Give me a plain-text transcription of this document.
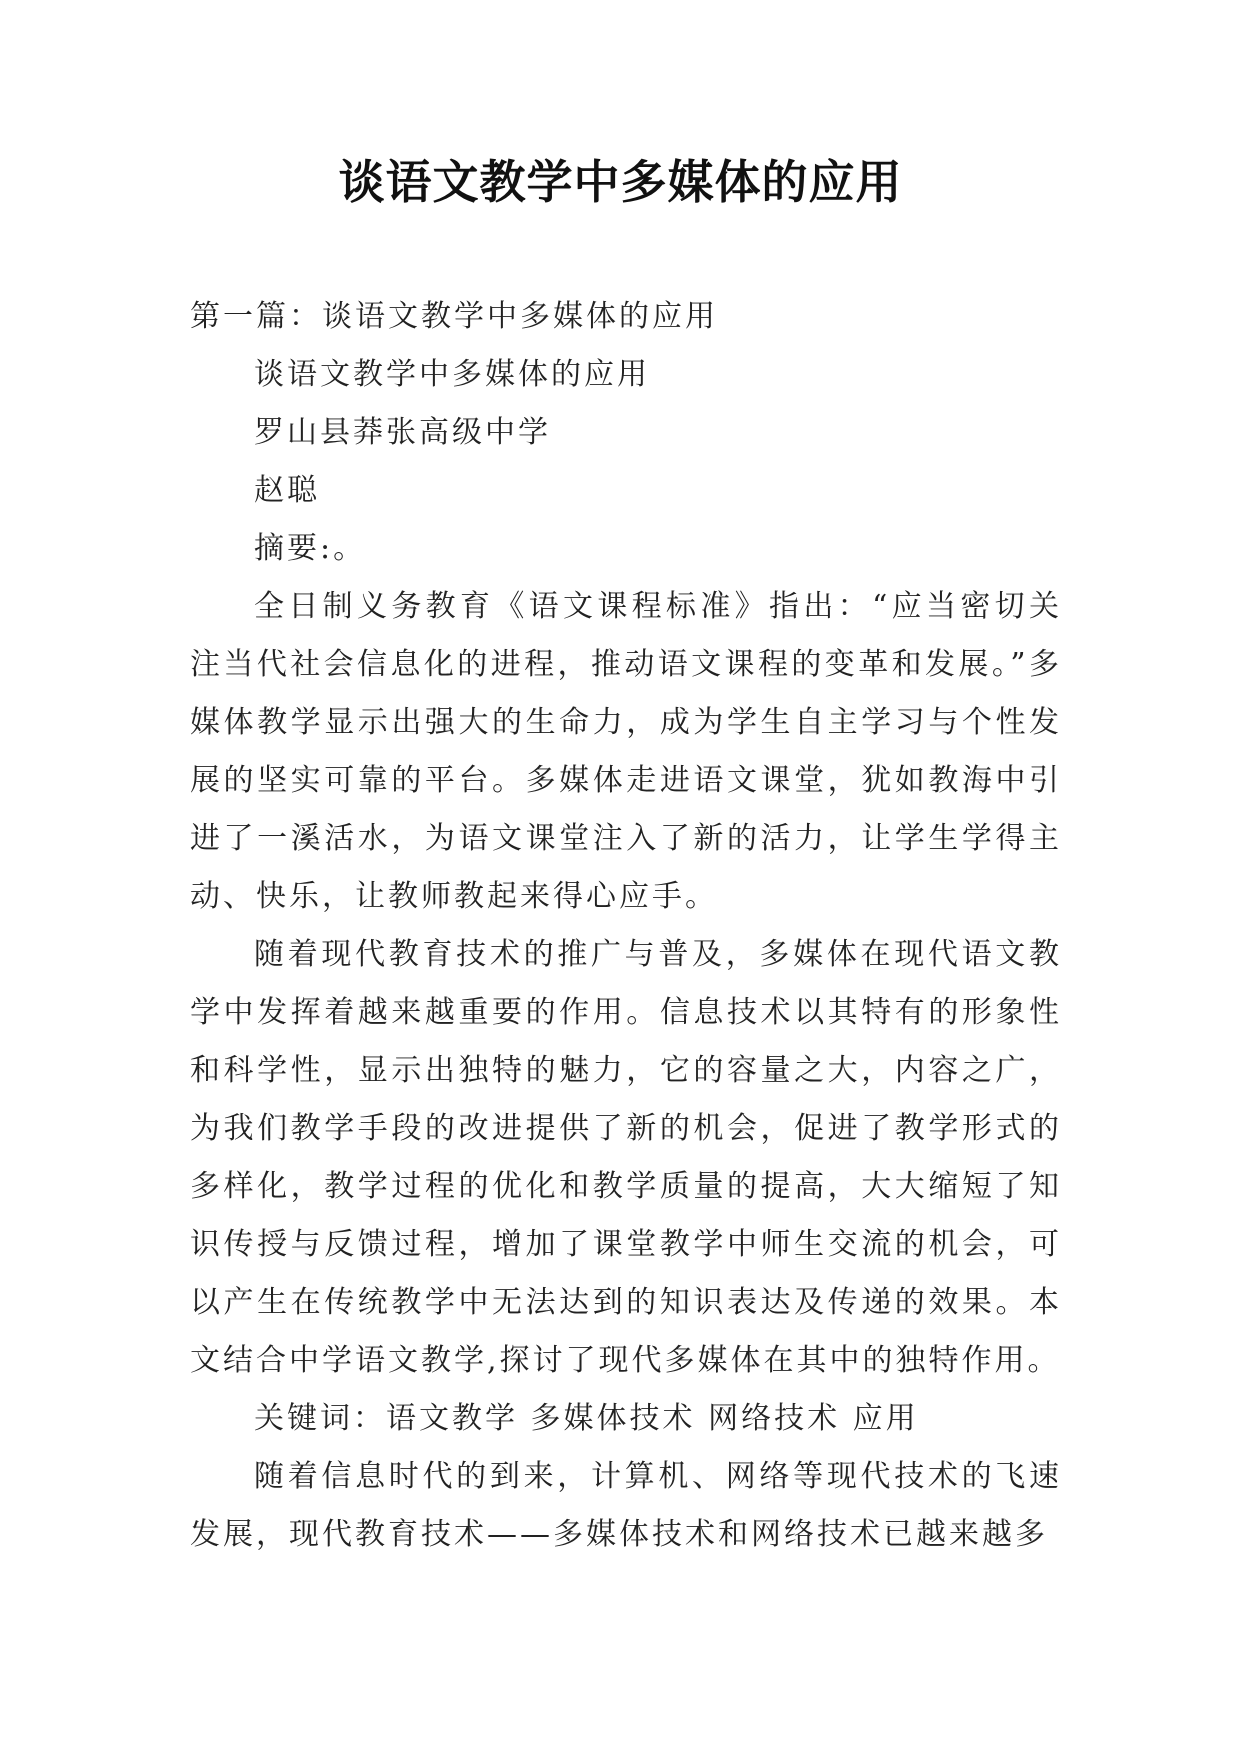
谈语文教学中多媒体的应用

第一篇：谈语文教学中多媒体的应用

谈语文教学中多媒体的应用

罗山县莽张高级中学

赵聪

摘要:。

全日制义务教育《语文课程标准》指出：“应当密切关注当代社会信息化的进程，推动语文课程的变革和发展。”多媒体教学显示出强大的生命力，成为学生自主学习与个性发展的坚实可靠的平台。多媒体走进语文课堂，犹如教海中引进了一溪活水，为语文课堂注入了新的活力，让学生学得主动、快乐，让教师教起来得心应手。

随着现代教育技术的推广与普及，多媒体在现代语文教学中发挥着越来越重要的作用。信息技术以其特有的形象性和科学性，显示出独特的魅力，它的容量之大，内容之广，为我们教学手段的改进提供了新的机会，促进了教学形式的多样化，教学过程的优化和教学质量的提高，大大缩短了知识传授与反馈过程，增加了课堂教学中师生交流的机会，可以产生在传统教学中无法达到的知识表达及传递的效果。本文结合中学语文教学,探讨了现代多媒体在其中的独特作用。

关键词：语文教学 多媒体技术 网络技术 应用

随着信息时代的到来，计算机、网络等现代技术的飞速发展，现代教育技术——多媒体技术和网络技术已越来越多
